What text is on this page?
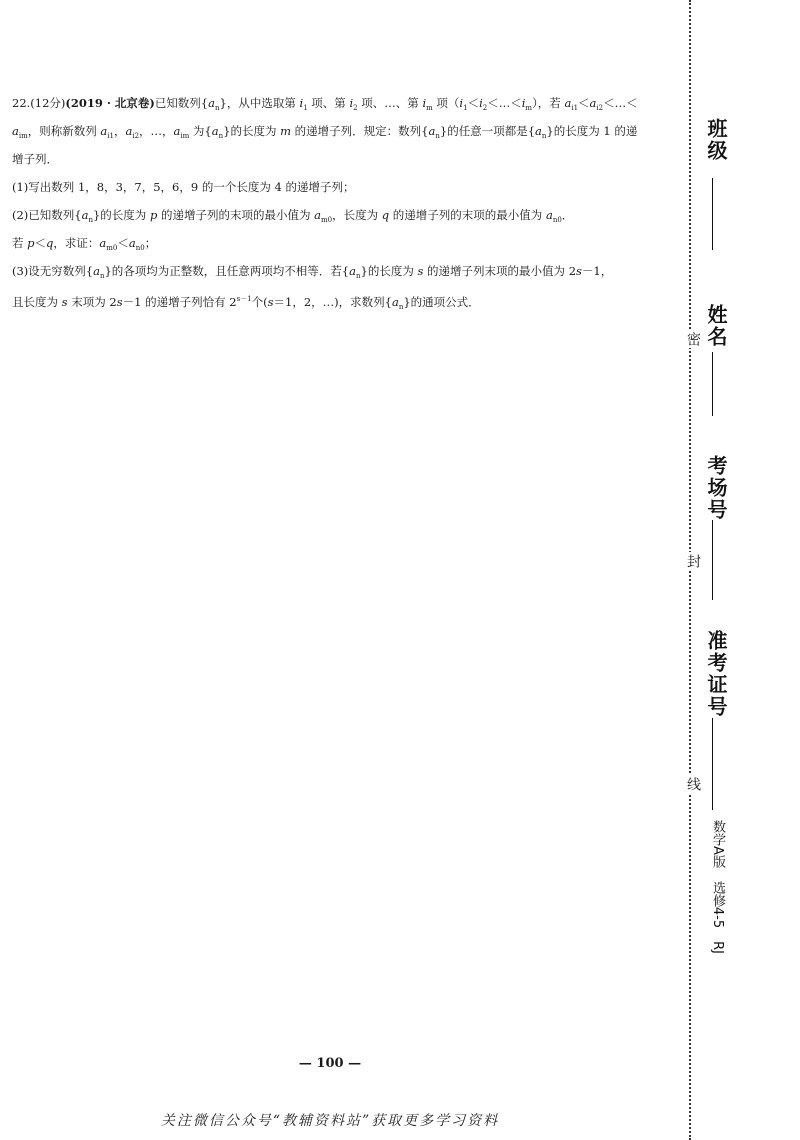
22.(12分)(2019 · 北京卷)已知数列$\{a_n\}$，从中选取第 $i_1$ 项、第 $i_2$ 项、…、第 $i_m$ 项$(i_1<i_2<\dots<i_m)$，若 $a_{i1}<a_{i2}<\dots<$
$a_{im}$，则称新数列 $a_{i1}$，$a_{i2}$，…，$a_{im}$ 为$\{a_n\}$的长度为 m 的递增子列．规定：数列$\{a_n\}$的任意一项都是$\{a_n\}$的长度为 1 的递
增子列．
(1)写出数列 1，8，3，7，5，6，9 的一个长度为 4 的递增子列；
(2)已知数列$\{a_n\}$的长度为 p 的递增子列的末项的最小值为 $a_{m0}$，长度为 q 的递增子列的末项的最小值为 $a_{n0}$．
若 p＜q，求证：$a_{m0}<a_{n0}$；
(3)设无穷数列$\{a_n\}$的各项均为正整数，且任意两项均不相等．若$\{a_n\}$的长度为 s 的递增子列末项的最小值为 2s－1，
且长度为 s 末项为 2s－1 的递增子列恰有 $2^{s-1}$个(s＝1，2，…)，求数列$\{a_n\}$的通项公式．
班级
姓名
考场号
准考证号
密
封
线
数学A版　选修4-5　RJ
— 100 —
关注微信公众号“教辅资料站”获取更多学习资料
